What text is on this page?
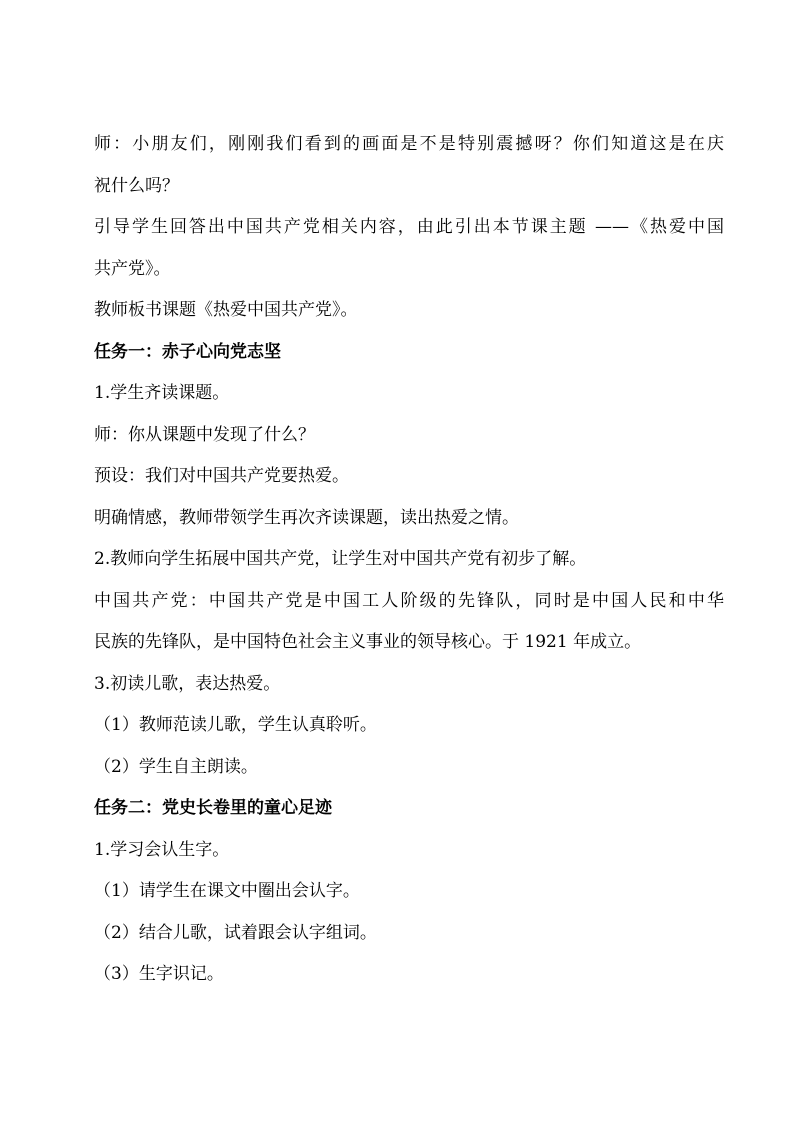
师：小朋友们，刚刚我们看到的画面是不是特别震撼呀？你们知道这是在庆

祝什么吗？

引导学生回答出中国共产党相关内容，由此引出本节课主题 ——《热爱中国

共产党》。

教师板书课题《热爱中国共产党》。

任务一：赤子心向党志坚

1.学生齐读课题。

师：你从课题中发现了什么？

预设：我们对中国共产党要热爱。

明确情感，教师带领学生再次齐读课题，读出热爱之情。

2.教师向学生拓展中国共产党，让学生对中国共产党有初步了解。

中国共产党：中国共产党是中国工人阶级的先锋队，同时是中国人民和中华

民族的先锋队，是中国特色社会主义事业的领导核心。于 1921 年成立。

3.初读儿歌，表达热爱。

（1）教师范读儿歌，学生认真聆听。

（2）学生自主朗读。

任务二：党史长卷里的童心足迹

1.学习会认生字。

（1）请学生在课文中圈出会认字。

（2）结合儿歌，试着跟会认字组词。

（3）生字识记。
